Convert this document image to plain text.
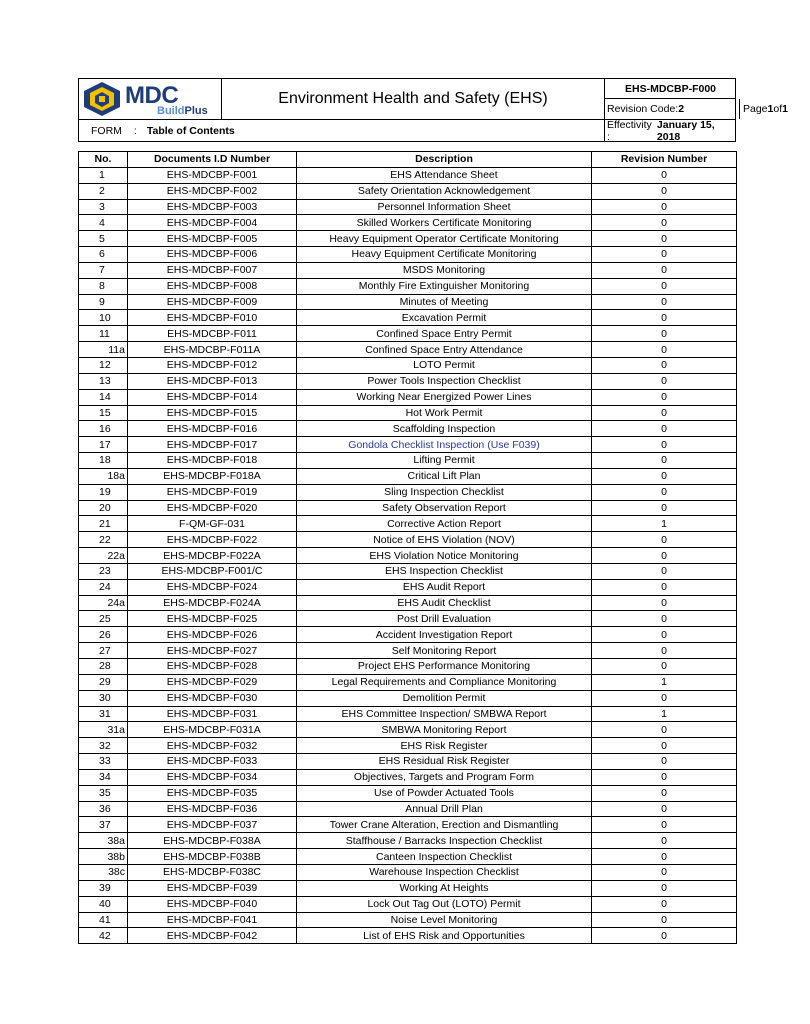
MDC
BuildPlus
Environment Health and Safety (EHS)
EHS-MDCBP-F000
Revision Code: 2	Page 1 of 1
FORM : Table of Contents	Effectivity :

January 15, 2018
No.	Documents I.D Number	Description	Revision Number
1	EHS-MDCBP-F001	EHS Attendance Sheet	0
2	EHS-MDCBP-F002	Safety Orientation Acknowledgement	0
3	EHS-MDCBP-F003	Personnel Information Sheet	0
4	EHS-MDCBP-F004	Skilled Workers Certificate Monitoring	0
5	EHS-MDCBP-F005	Heavy Equipment Operator Certificate Monitoring	0
6	EHS-MDCBP-F006	Heavy Equipment Certificate Monitoring	0
7	EHS-MDCBP-F007	MSDS Monitoring	0
8	EHS-MDCBP-F008	Monthly Fire Extinguisher Monitoring	0
9	EHS-MDCBP-F009	Minutes of Meeting	0
10	EHS-MDCBP-F010	Excavation Permit	0
11	EHS-MDCBP-F011	Confined Space Entry Permit	0
11a	EHS-MDCBP-F011A	Confined Space Entry Attendance	0
12	EHS-MDCBP-F012	LOTO Permit	0
13	EHS-MDCBP-F013	Power Tools Inspection Checklist	0
14	EHS-MDCBP-F014	Working Near Energized Power Lines	0
15	EHS-MDCBP-F015	Hot Work Permit	0
16	EHS-MDCBP-F016	Scaffolding Inspection	0
17	EHS-MDCBP-F017	Gondola Checklist Inspection (Use F039)	0
18	EHS-MDCBP-F018	Lifting Permit	0
18a	EHS-MDCBP-F018A	Critical Lift Plan	0
19	EHS-MDCBP-F019	Sling Inspection Checklist	0
20	EHS-MDCBP-F020	Safety Observation Report	0
21	F-QM-GF-031	Corrective Action Report	1
22	EHS-MDCBP-F022	Notice of EHS Violation (NOV)	0
22a	EHS-MDCBP-F022A	EHS Violation Notice Monitoring	0
23	EHS-MDCBP-F001/C	EHS Inspection Checklist	0
24	EHS-MDCBP-F024	EHS Audit Report	0
24a	EHS-MDCBP-F024A	EHS Audit Checklist	0
25	EHS-MDCBP-F025	Post Drill Evaluation	0
26	EHS-MDCBP-F026	Accident Investigation Report	0
27	EHS-MDCBP-F027	Self Monitoring Report	0
28	EHS-MDCBP-F028	Project EHS Performance Monitoring	0
29	EHS-MDCBP-F029	Legal Requirements and Compliance Monitoring	1
30	EHS-MDCBP-F030	Demolition Permit	0
31	EHS-MDCBP-F031	EHS Committee Inspection/ SMBWA Report	1
31a	EHS-MDCBP-F031A	SMBWA Monitoring Report	0
32	EHS-MDCBP-F032	EHS Risk Register	0
33	EHS-MDCBP-F033	EHS Residual Risk Register	0
34	EHS-MDCBP-F034	Objectives, Targets and Program Form	0
35	EHS-MDCBP-F035	Use of Powder Actuated Tools	0
36	EHS-MDCBP-F036	Annual Drill Plan	0
37	EHS-MDCBP-F037	Tower Crane Alteration, Erection and Dismantling	0
38a	EHS-MDCBP-F038A	Staffhouse / Barracks Inspection Checklist	0
38b	EHS-MDCBP-F038B	Canteen Inspection Checklist	0
38c	EHS-MDCBP-F038C	Warehouse Inspection Checklist	0
39	EHS-MDCBP-F039	Working At Heights	0
40	EHS-MDCBP-F040	Lock Out Tag Out (LOTO) Permit	0
41	EHS-MDCBP-F041	Noise Level Monitoring	0
42	EHS-MDCBP-F042	List of EHS Risk and Opportunities	0
